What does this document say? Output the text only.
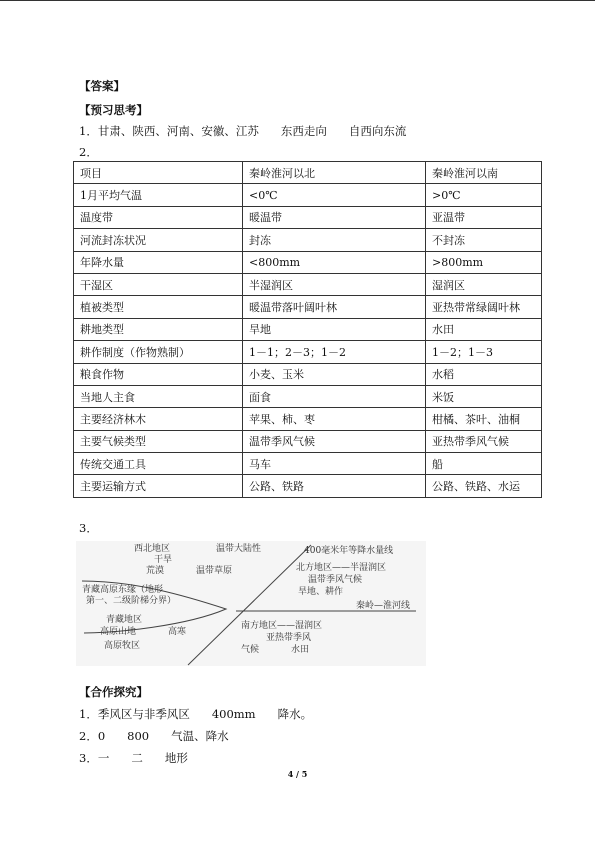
【答案】
【预习思考】
1．甘肃、陕西、河南、安徽、江苏 东西走向 自西向东流
2．
项目	秦岭淮河以北	秦岭淮河以南
1月平均气温	<0℃	>0℃
温度带	暖温带	亚温带
河流封冻状况	封冻	不封冻
年降水量	<800mm	>800mm
干湿区	半湿润区	湿润区
植被类型	暖温带落叶阔叶林	亚热带常绿阔叶林
耕地类型	旱地	水田
耕作制度（作物熟制）	1－1；2－3；1－2	1－2；1－3
粮食作物	小麦、玉米	水稻
当地人主食	面食	米饭
主要经济林木	苹果、柿、枣	柑橘、茶叶、油桐
主要气候类型	温带季风气候	亚热带季风气候
传统交通工具	马车	船
主要运输方式	公路、铁路	公路、铁路、水运
3．
西北地区
干旱
荒漠
温带大陆性
温带草原
400毫米年等降水量线
青藏高原东缘（地形
第一、二级阶梯分界）
北方地区——半湿润区
温带季风气候
旱地、耕作
秦岭—淮河线
青藏地区
高原山地	高寒
高原牧区
南方地区——湿润区
亚热带季风
气候	水田
【合作探究】
1．季风区与非季风区 400mm 降水。
2．0 800 气温、降水
3．一 二 地形
4 / 5
